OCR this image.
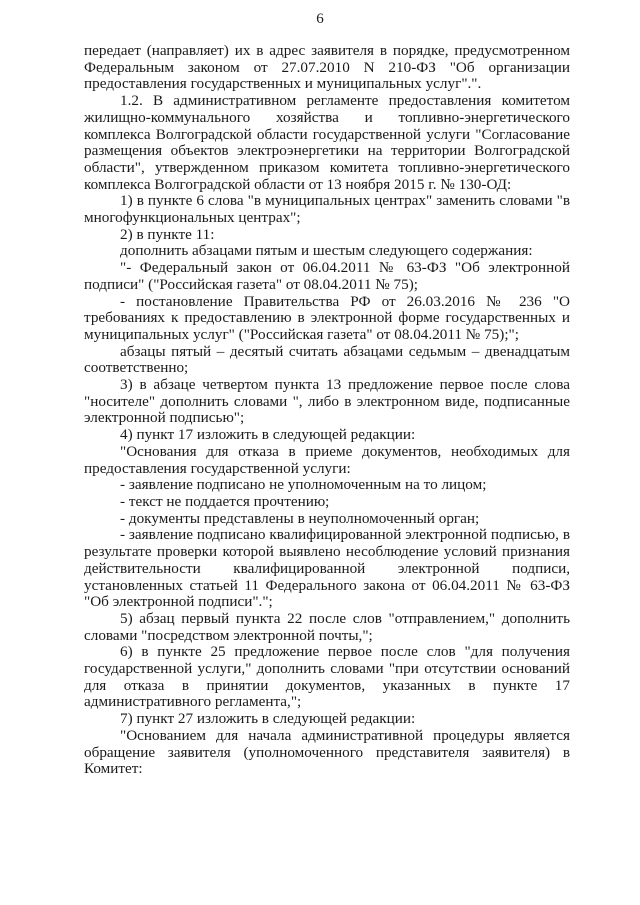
6

передает (направляет) их в адрес заявителя в порядке, предусмотренном Федеральным законом от 27.07.2010 N 210-ФЗ "Об организации предоставления государственных и муниципальных услуг".".

1.2. В административном регламенте предоставления комитетом жилищно-коммунального хозяйства и топливно-энергетического комплекса Волгоградской области государственной услуги "Согласование размещения объектов электроэнергетики на территории Волгоградской области", утвержденном приказом комитета топливно-энергетического комплекса Волгоградской области от 13 ноября 2015 г. № 130-ОД:

1) в пункте 6 слова "в муниципальных центрах" заменить словами "в многофункциональных центрах";

2) в пункте 11:

дополнить абзацами пятым и шестым следующего содержания:

"- Федеральный закон от 06.04.2011 № 63-ФЗ "Об электронной подписи" ("Российская газета" от 08.04.2011 № 75);

- постановление Правительства РФ от 26.03.2016 № 236 "О требованиях к предоставлению в электронной форме государственных и муниципальных услуг" ("Российская газета" от 08.04.2011 № 75);";

абзацы пятый – десятый считать абзацами седьмым – двенадцатым соответственно;

3) в абзаце четвертом пункта 13 предложение первое после слова "носителе" дополнить словами ", либо в электронном виде, подписанные электронной подписью";

4) пункт 17 изложить в следующей редакции:

"Основания для отказа в приеме документов, необходимых для предоставления государственной услуги:

- заявление подписано не уполномоченным на то лицом;

- текст не поддается прочтению;

- документы представлены в неуполномоченный орган;

- заявление подписано квалифицированной электронной подписью, в результате проверки которой выявлено несоблюдение условий признания действительности квалифицированной электронной подписи, установленных статьей 11 Федерального закона от 06.04.2011 № 63-ФЗ "Об электронной подписи".";

5) абзац первый пункта 22 после слов "отправлением," дополнить словами "посредством электронной почты,";

6) в пункте 25 предложение первое после слов "для получения государственной услуги," дополнить словами "при отсутствии оснований для отказа в принятии документов, указанных в пункте 17 административного регламента,";

7) пункт 27 изложить в следующей редакции:

"Основанием для начала административной процедуры является обращение заявителя (уполномоченного представителя заявителя) в Комитет:
